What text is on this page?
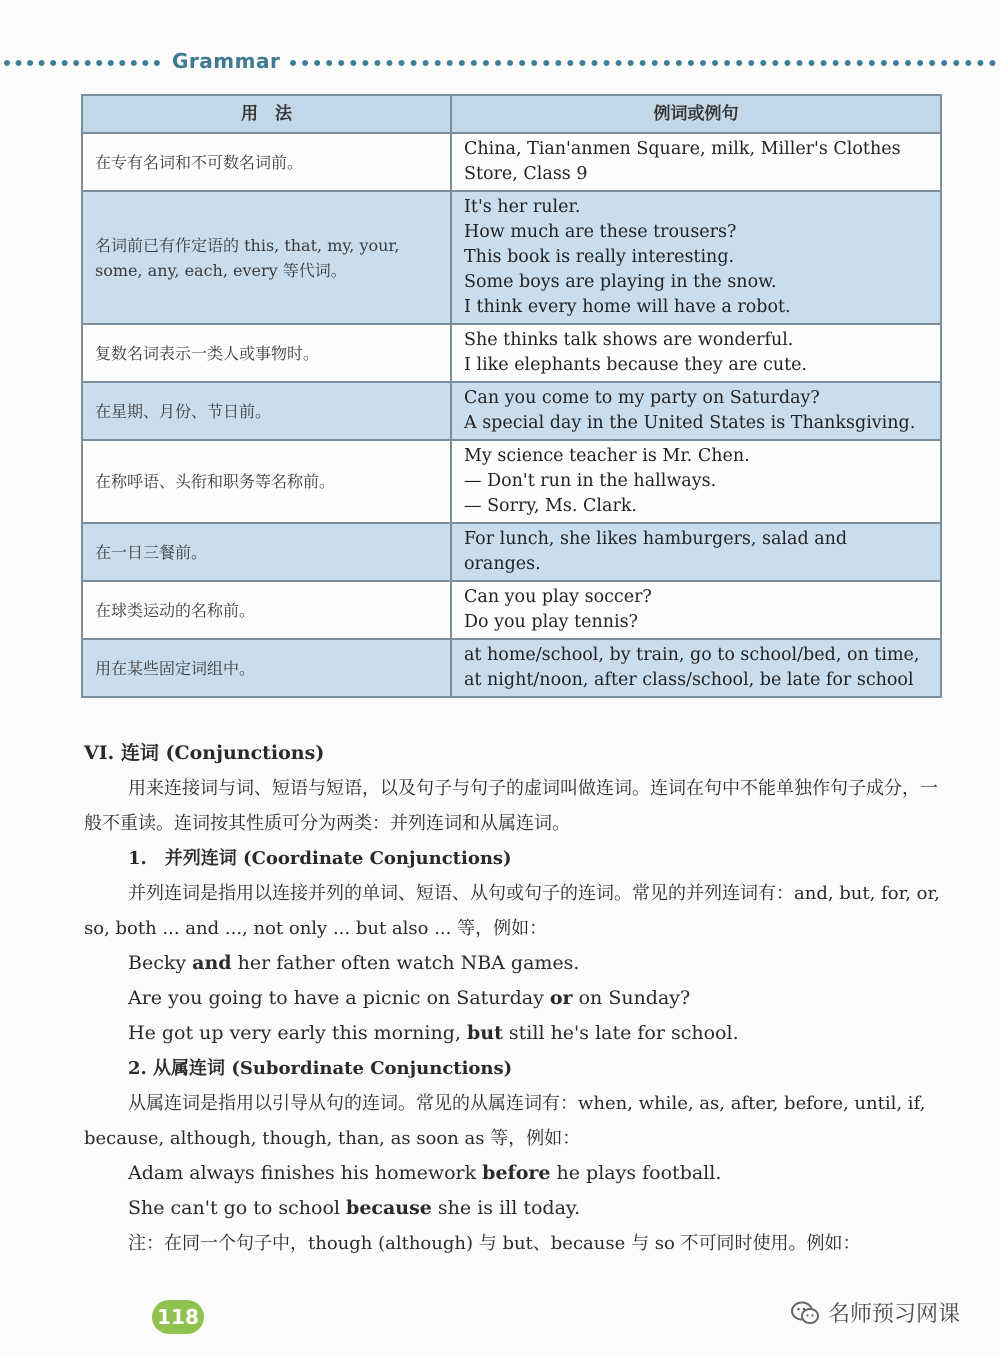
Grammar
用　法	例词或例句
在专有名词和不可数名词前。	China, Tian'anmen Square, milk, Miller's Clothes
Store, Class 9

名词前已有作定语的 this, that, my, your, some, any, each, every 等代词。	It's her ruler.
How much are these trousers?
This book is really interesting.
Some boys are playing in the snow.
I think every home will have a robot.

复数名词表示一类人或事物时。	She thinks talk shows are wonderful.
I like elephants because they are cute.

在星期、月份、节日前。	Can you come to my party on Saturday?
A special day in the United States is Thanksgiving.

在称呼语、头衔和职务等名称前。	My science teacher is Mr. Chen.
— Don't run in the hallways.
— Sorry, Ms. Clark.

在一日三餐前。	For lunch, she likes hamburgers, salad and oranges.

在球类运动的名称前。	Can you play soccer?
Do you play tennis?

用在某些固定词组中。	at home/school, by train, go to school/bed, on time,
at night/noon, after class/school, be late for school

VI. 连词 (Conjunctions)

用来连接词与词、短语与短语，以及句子与句子的虚词叫做连词。连词在句中不能单独作句子成分，一般不重读。连词按其性质可分为两类：并列连词和从属连词。

1.　并列连词 (Coordinate Conjunctions)

并列连词是指用以连接并列的单词、短语、从句或句子的连词。常见的并列连词有：and, but, for, or, so, both ... and ..., not only ... but also ... 等，例如：

Becky and her father often watch NBA games.

Are you going to have a picnic on Saturday or on Sunday?

He got up very early this morning, but still he's late for school.

2. 从属连词 (Subordinate Conjunctions)

从属连词是指用以引导从句的连词。常见的从属连词有：when, while, as, after, before, until, if, because, although, though, than, as soon as 等，例如：

Adam always finishes his homework before he plays football.

She can't go to school because she is ill today.

注：在同一个句子中，though (although) 与 but、because 与 so 不可同时使用。例如：

118	名师预习网课
